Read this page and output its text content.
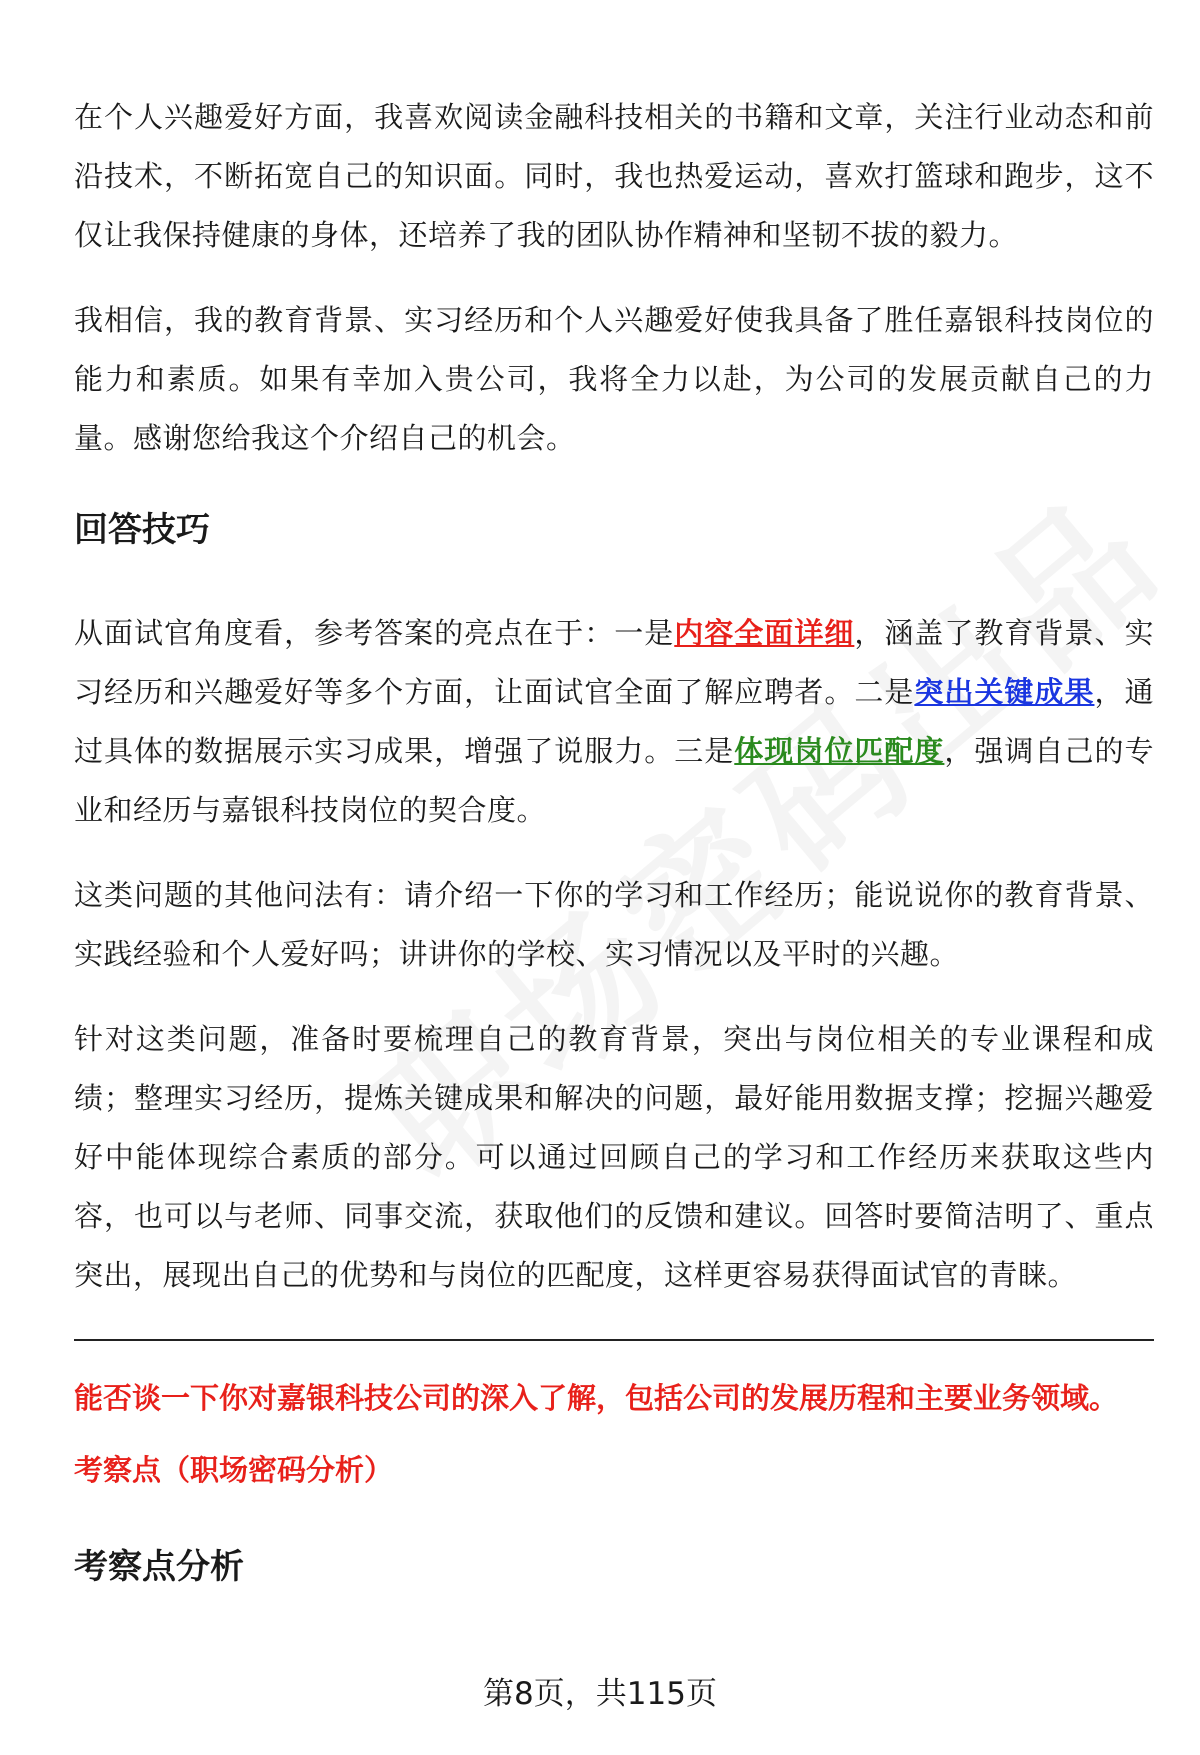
在个人兴趣爱好方面，我喜欢阅读金融科技相关的书籍和文章，关注行业动态和前沿技术，不断拓宽自己的知识面。同时，我也热爱运动，喜欢打篮球和跑步，这不仅让我保持健康的身体，还培养了我的团队协作精神和坚韧不拔的毅力。

我相信，我的教育背景、实习经历和个人兴趣爱好使我具备了胜任嘉银科技岗位的能力和素质。如果有幸加入贵公司，我将全力以赴，为公司的发展贡献自己的力量。感谢您给我这个介绍自己的机会。

回答技巧

从面试官角度看，参考答案的亮点在于：一是内容全面详细，涵盖了教育背景、实习经历和兴趣爱好等多个方面，让面试官全面了解应聘者。二是突出关键成果，通过具体的数据展示实习成果，增强了说服力。三是体现岗位匹配度，强调自己的专业和经历与嘉银科技岗位的契合度。

这类问题的其他问法有：请介绍一下你的学习和工作经历；能说说你的教育背景、实践经验和个人爱好吗；讲讲你的学校、实习情况以及平时的兴趣。

针对这类问题，准备时要梳理自己的教育背景，突出与岗位相关的专业课程和成绩；整理实习经历，提炼关键成果和解决的问题，最好能用数据支撑；挖掘兴趣爱好中能体现综合素质的部分。可以通过回顾自己的学习和工作经历来获取这些内容，也可以与老师、同事交流，获取他们的反馈和建议。回答时要简洁明了、重点突出，展现出自己的优势和与岗位的匹配度，这样更容易获得面试官的青睐。

能否谈一下你对嘉银科技公司的深入了解，包括公司的发展历程和主要业务领域。

考察点（职场密码分析）

考察点分析
第8页，共115页
